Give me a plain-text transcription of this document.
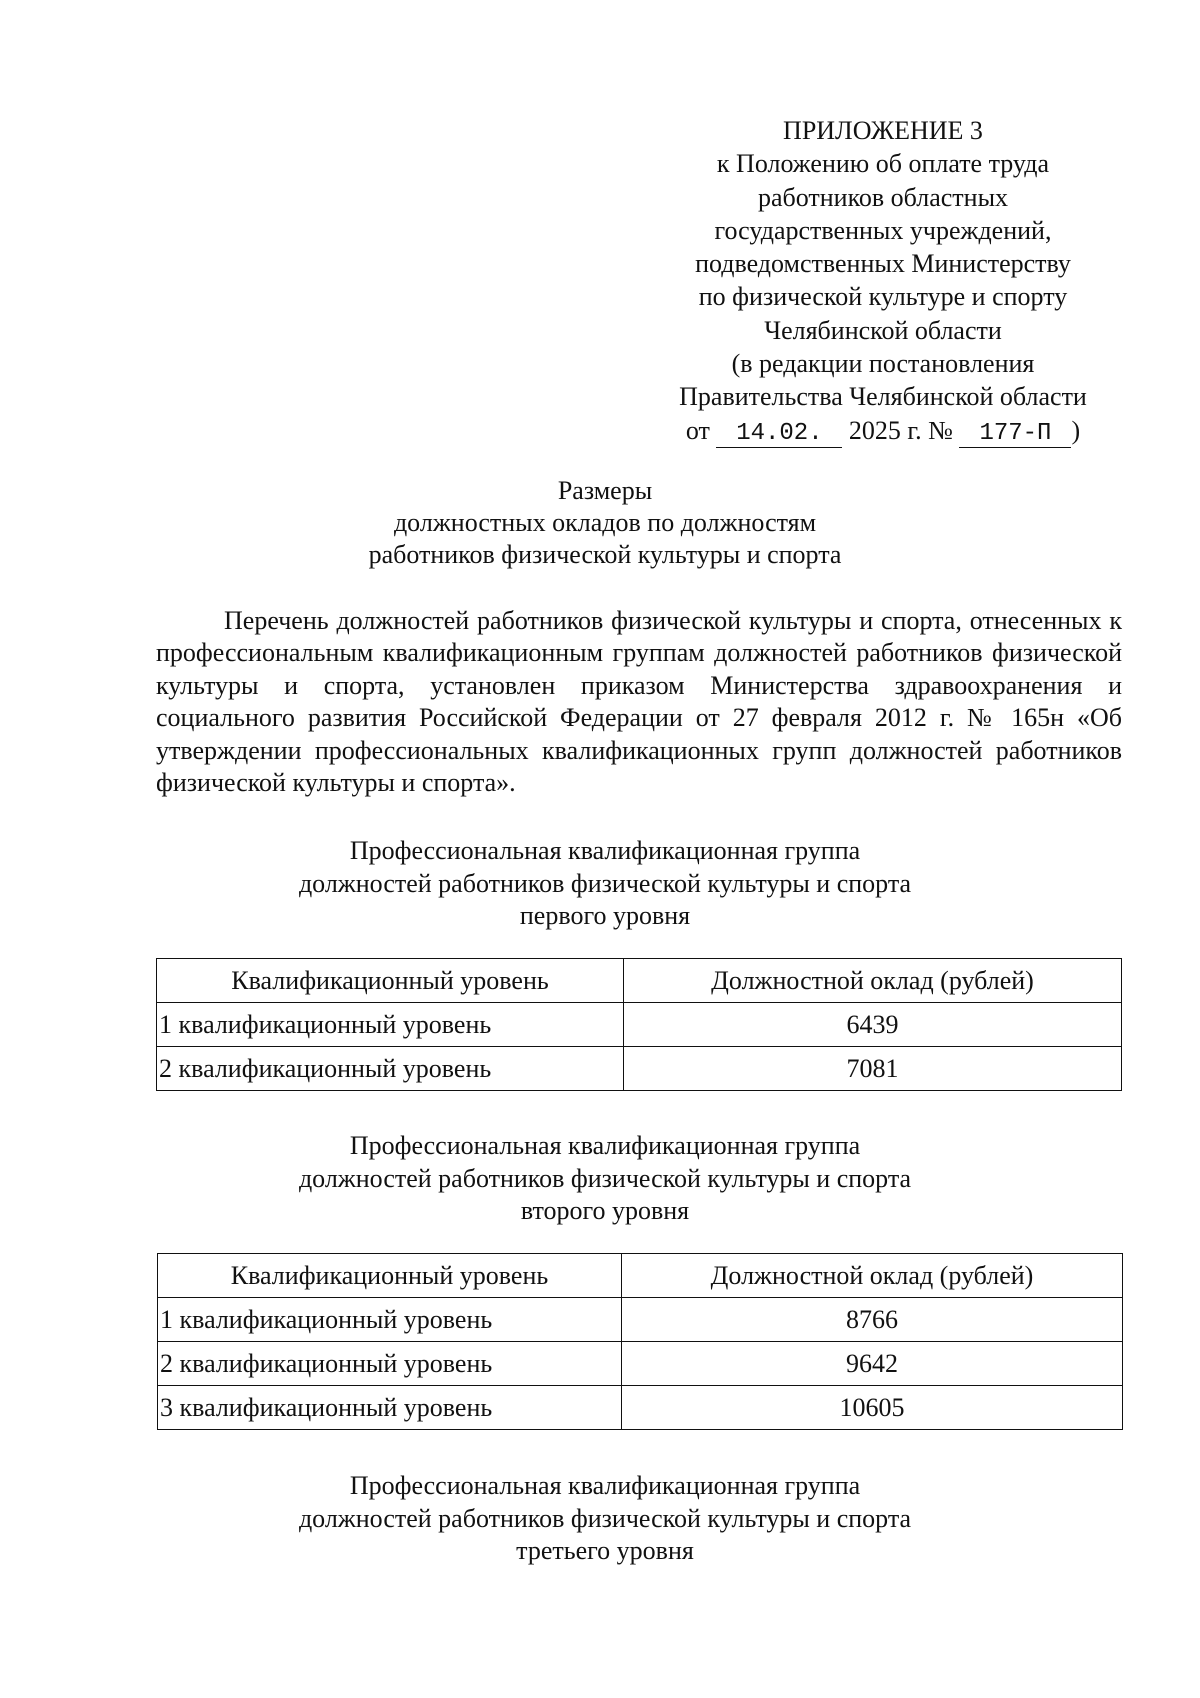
ПРИЛОЖЕНИЕ 3
к Положению об оплате труда
работников областных
государственных учреждений,
подведомственных Министерству
по физической культуре и спорту
Челябинской области
(в редакции постановления
Правительства Челябинской области
от 14.02. 2025 г. № 177-П )
Размеры
должностных окладов по должностям
работников физической культуры и спорта

Перечень должностей работников физической культуры и спорта, отнесенных к профессиональным квалификационным группам должностей работников физической культуры и спорта, установлен приказом Министерства здравоохранения и социального развития Российской Федерации от 27 февраля 2012 г. № 165н «Об утверждении профессиональных квалификационных групп должностей работников физической культуры и спорта».

Профессиональная квалификационная группа
должностей работников физической культуры и спорта
первого уровня
Квалификационный уровень	Должностной оклад (рублей)
1 квалификационный уровень	6439
2 квалификационный уровень	7081
Профессиональная квалификационная группа
должностей работников физической культуры и спорта
второго уровня
Квалификационный уровень	Должностной оклад (рублей)
1 квалификационный уровень	8766
2 квалификационный уровень	9642
3 квалификационный уровень	10605
Профессиональная квалификационная группа
должностей работников физической культуры и спорта
третьего уровня
